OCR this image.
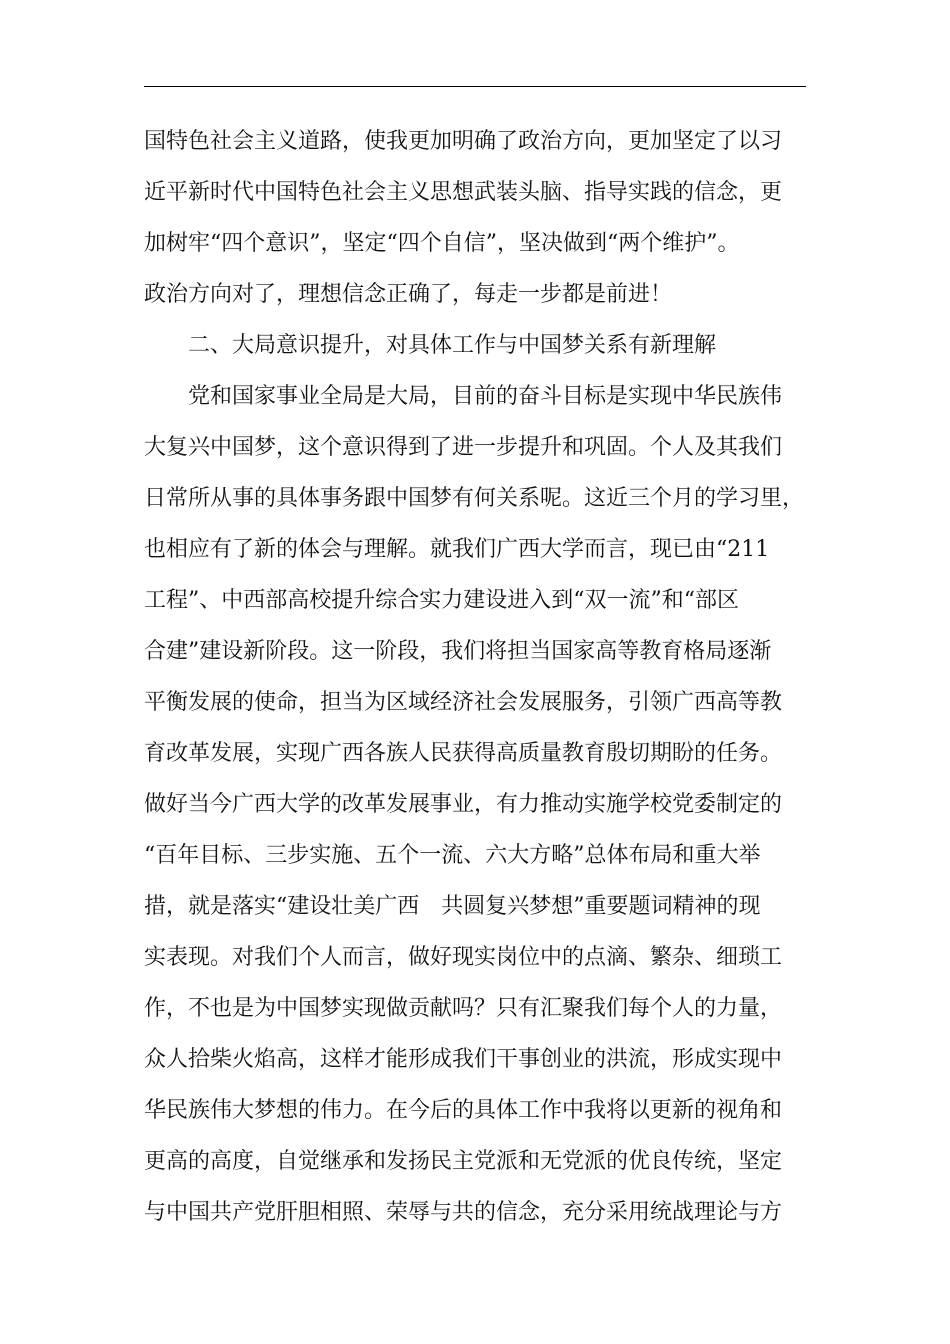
国特色社会主义道路，使我更加明确了政治方向，更加坚定了以习
近平新时代中国特色社会主义思想武装头脑、指导实践的信念，更
加树牢“四个意识”，坚定“四个自信”，坚决做到“两个维护”。
政治方向对了，理想信念正确了，每走一步都是前进！
　　二、大局意识提升，对具体工作与中国梦关系有新理解
　　党和国家事业全局是大局，目前的奋斗目标是实现中华民族伟
大复兴中国梦，这个意识得到了进一步提升和巩固。个人及其我们
日常所从事的具体事务跟中国梦有何关系呢。这近三个月的学习里，
也相应有了新的体会与理解。就我们广西大学而言，现已由“211
工程”、中西部高校提升综合实力建设进入到“双一流”和“部区
合建”建设新阶段。这一阶段，我们将担当国家高等教育格局逐渐
平衡发展的使命，担当为区域经济社会发展服务，引领广西高等教
育改革发展，实现广西各族人民获得高质量教育殷切期盼的任务。
做好当今广西大学的改革发展事业，有力推动实施学校党委制定的
“百年目标、三步实施、五个一流、六大方略”总体布局和重大举
措，就是落实“建设壮美广西　共圆复兴梦想”重要题词精神的现
实表现。对我们个人而言，做好现实岗位中的点滴、繁杂、细琐工
作，不也是为中国梦实现做贡献吗？只有汇聚我们每个人的力量，
众人拾柴火焰高，这样才能形成我们干事创业的洪流，形成实现中
华民族伟大梦想的伟力。在今后的具体工作中我将以更新的视角和
更高的高度，自觉继承和发扬民主党派和无党派的优良传统，坚定
与中国共产党肝胆相照、荣辱与共的信念，充分采用统战理论与方
